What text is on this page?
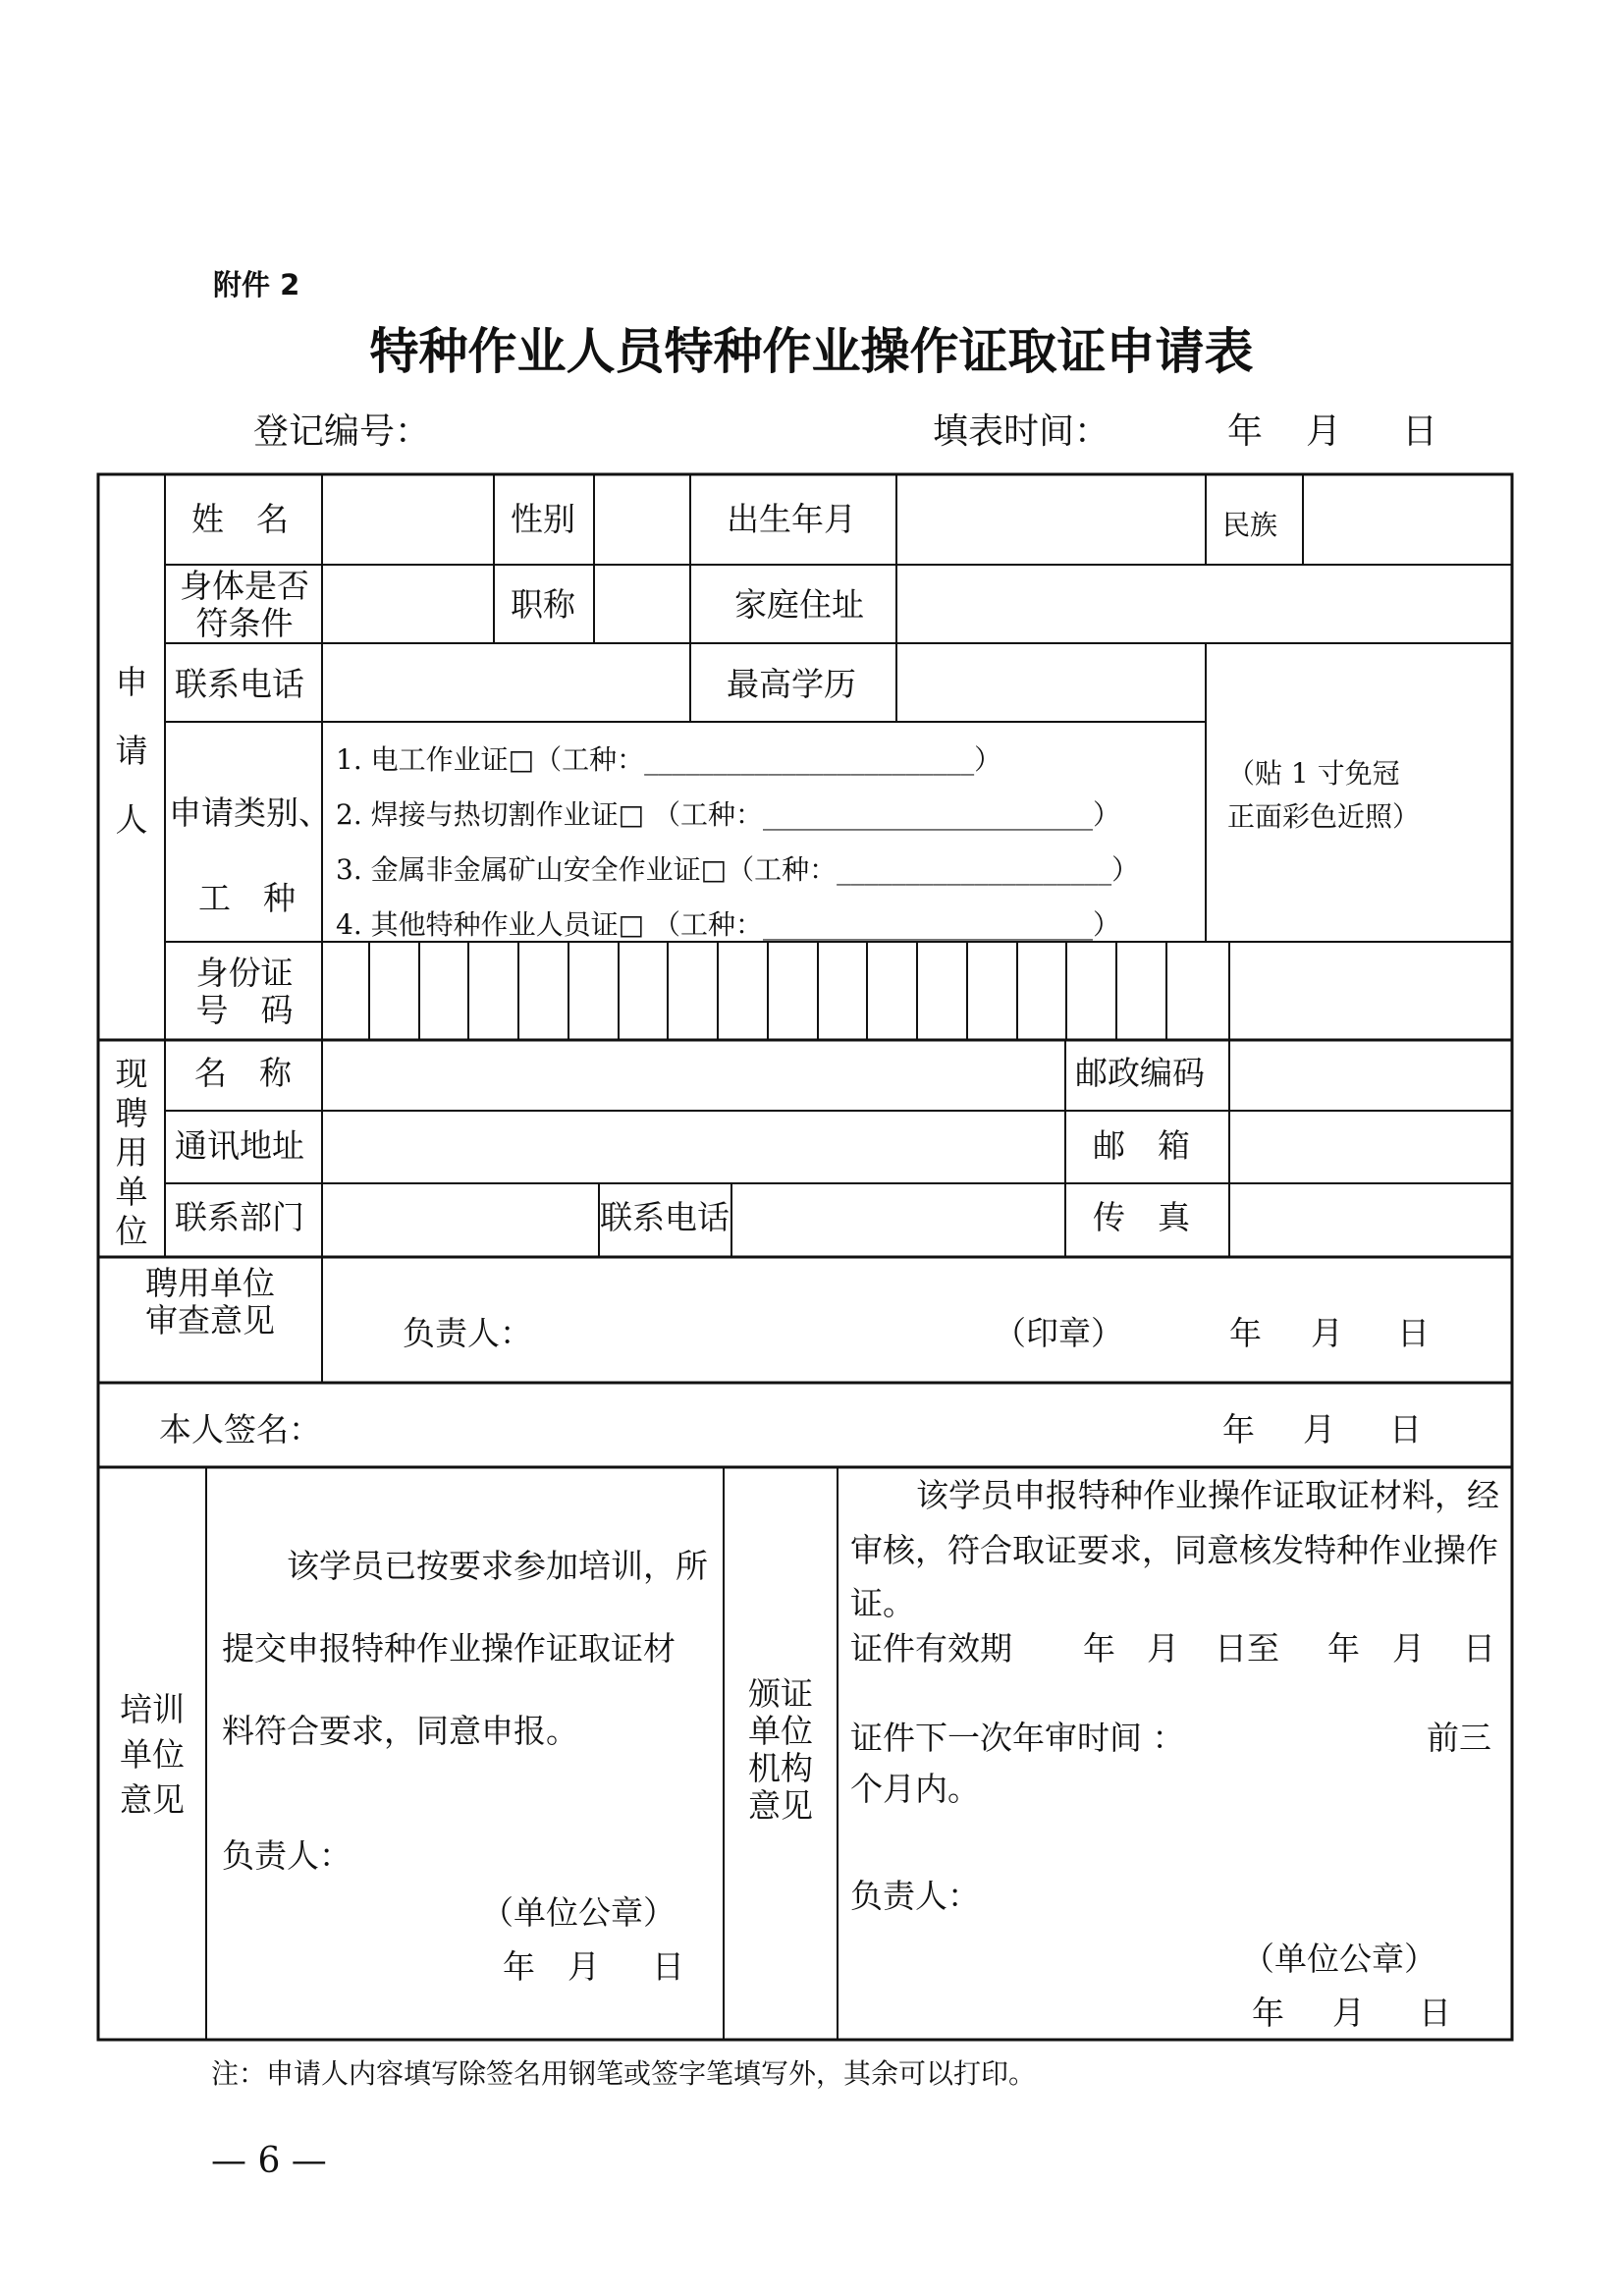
附件 2
特种作业人员特种作业操作证取证申请表
登记编号：	填表时间：	年 月 日
申
请
人
姓　名	性别	出生年月	民族
身体是否
符条件	职称	家庭住址
联系电话	最高学历
（贴 1 寸免冠
正面彩色近照）
申请类别、
工　种
1. 电工作业证□（工种：________________________）
2. 焊接与热切割作业证□ （工种：________________________）
3. 金属非金属矿山安全作业证□（工种：____________________）
4. 其他特种作业人员证□ （工种：________________________）
身份证
号　码
现
聘
用
单
位
名　称	邮政编码
通讯地址	邮　箱
联系部门	联系电话	传　真
聘用单位
审查意见	负责人：	（印章）	年 月 日
本人签名：	年 月 日
培训
单位
意见
该学员已按要求参加培训，所
提交申报特种作业操作证取证材
料符合要求，同意申报。
负责人：
（单位公章）
年 月 日
颁证
单位
机构
意见
该学员申报特种作业操作证取证材料，经
审核，符合取证要求，同意核发特种作业操作
证。
证件有效期 年 月 日至 年 月 日
证件下一次年审时间 ：	前三
个月内。
负责人：
（单位公章）
年 月 日
注：申请人内容填写除签名用钢笔或签字笔填写外，其余可以打印。
— 6 —
